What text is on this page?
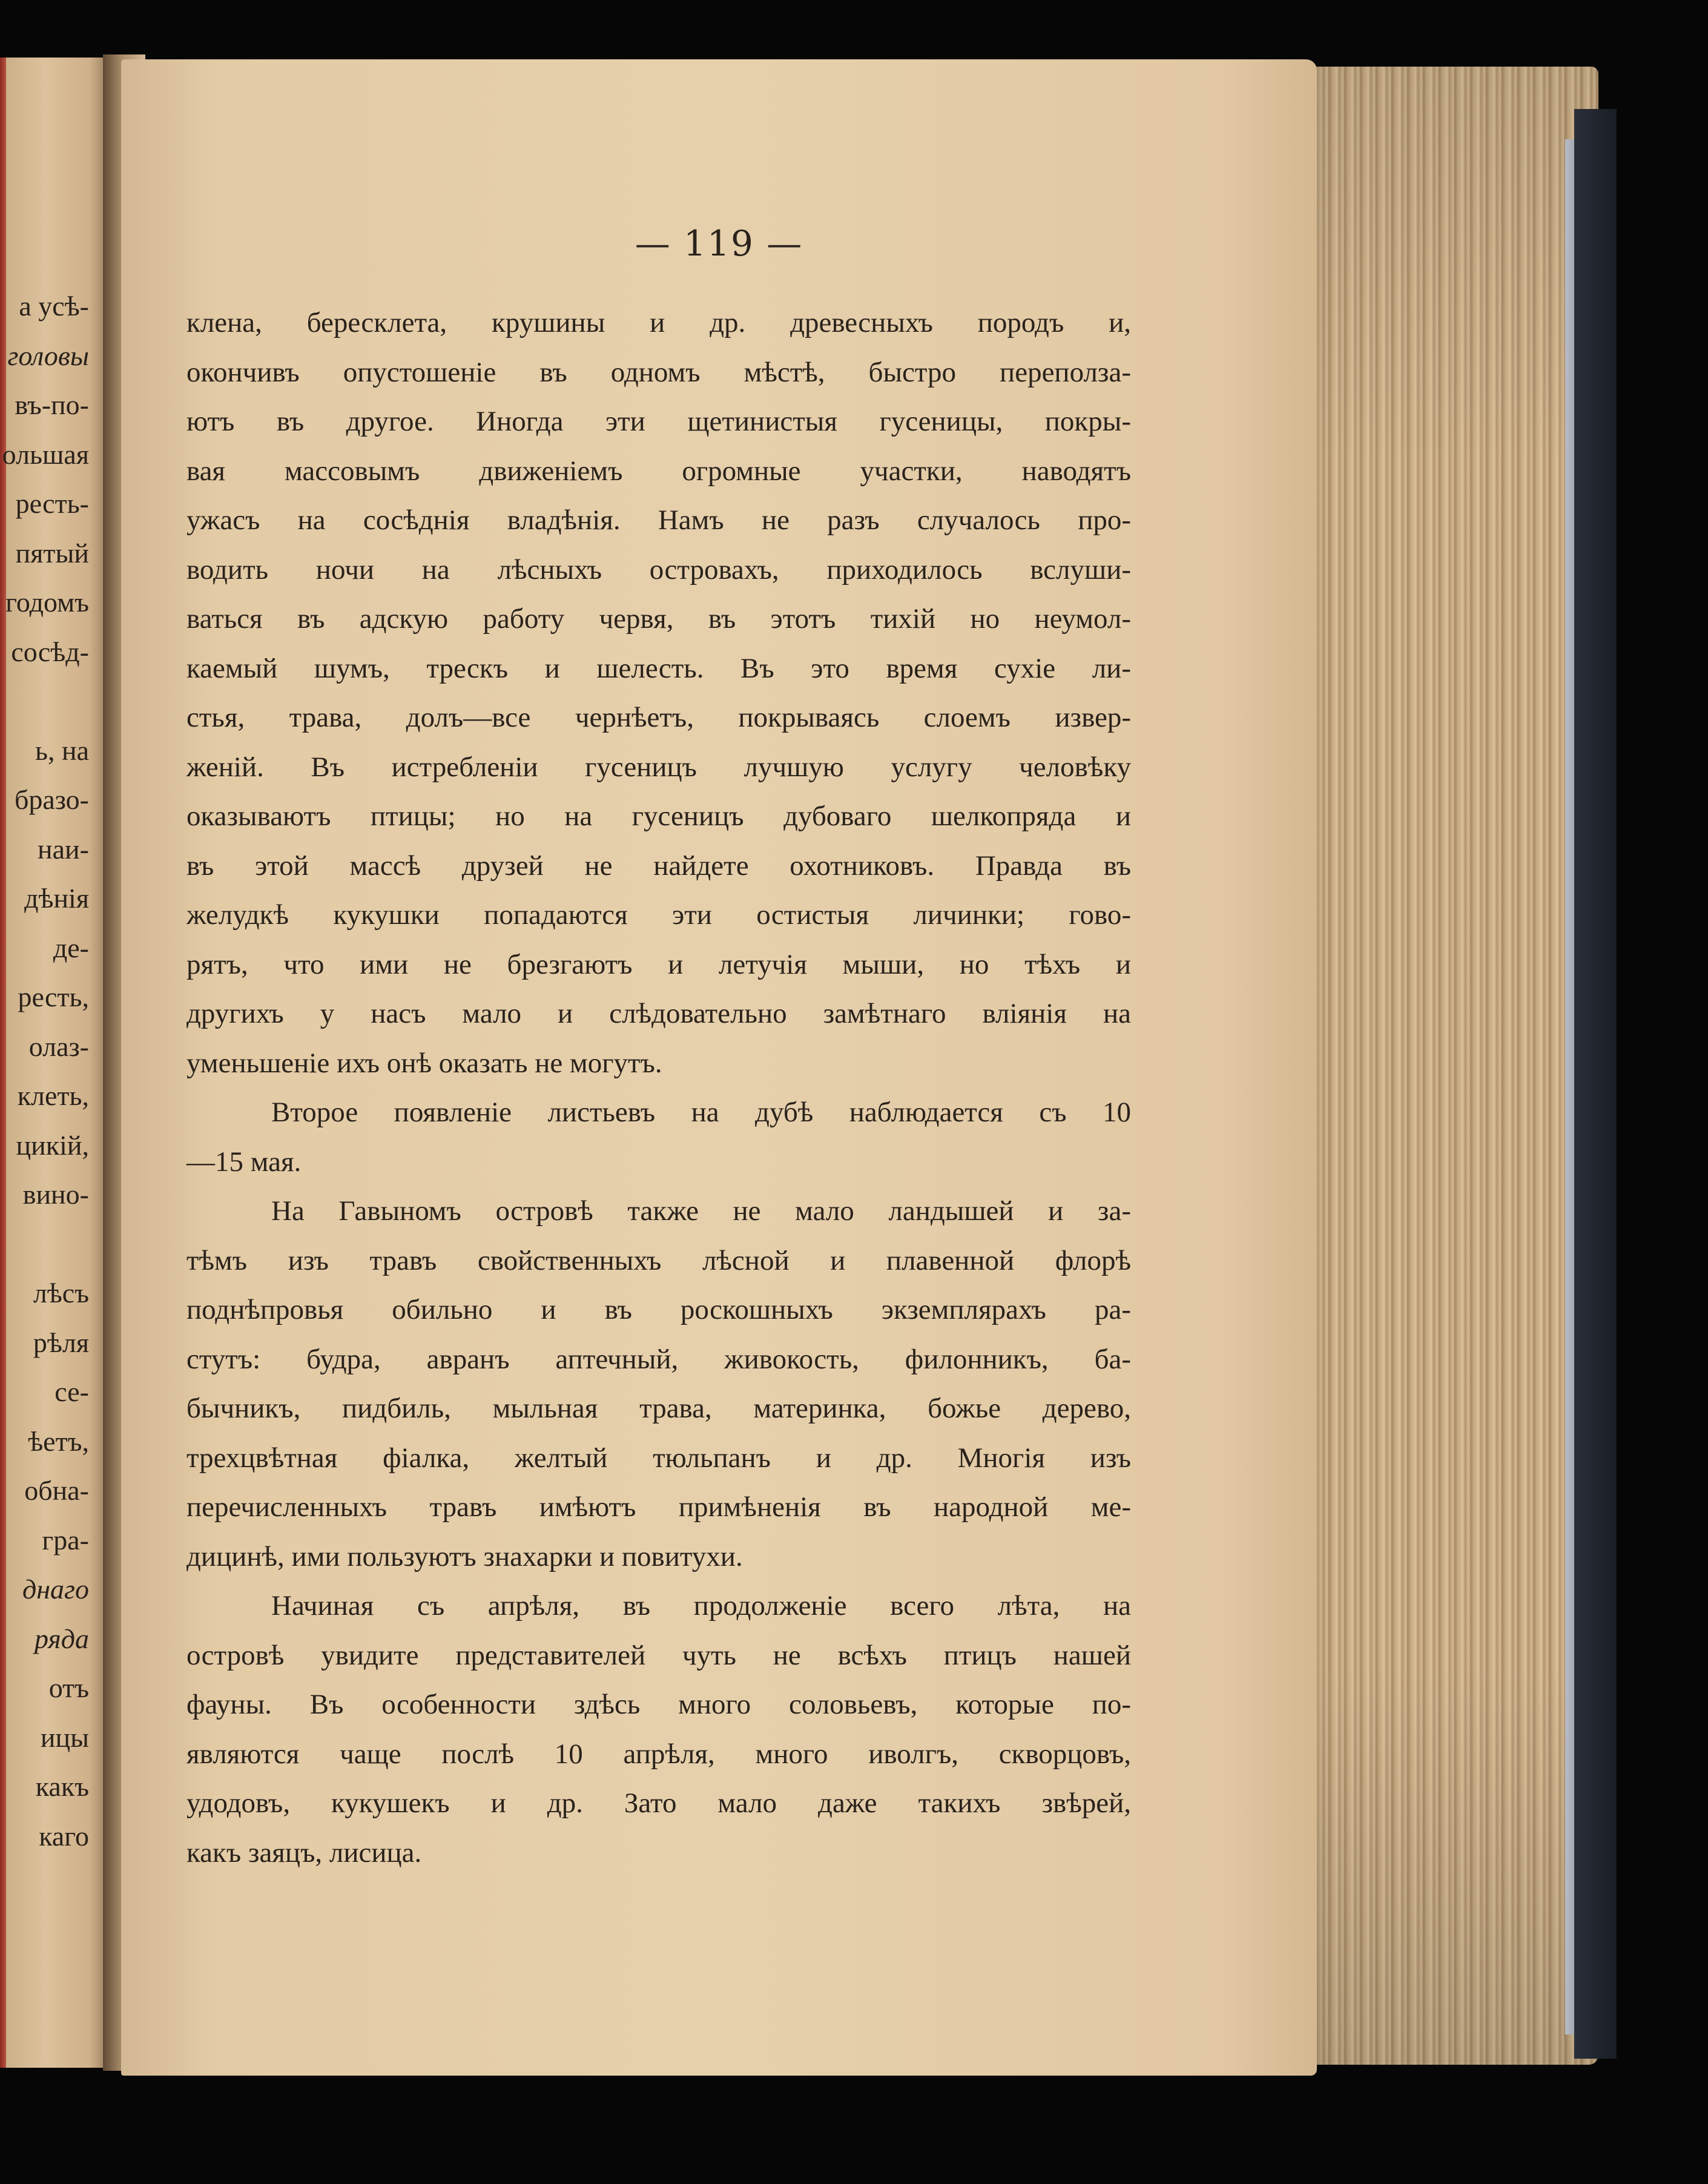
а усѣ-
головы
въ-по-
ольшая
ресть-
пятый
годомъ
сосѣд-
ь, на
бразо-
наи-
дѣнія
де-
ресть,
олаз-
клеть,
цикій,
вино-
лѣсъ
рѣля
се-
ѣетъ,
обна-
гра-
днаго
ряда
отъ
ицы
какъ
каго
— 119 —
клена, бересклета, крушины и др. древесныхъ породъ и,
окончивъ опустошеніе въ одномъ мѣстѣ, быстро переполза-
ютъ въ другое. Иногда эти щетинистыя гусеницы, покры-
вая массовымъ движеніемъ огромные участки, наводятъ
ужасъ на сосѣднія владѣнія. Намъ не разъ случалось про-
водить ночи на лѣсныхъ островахъ, приходилось вслуши-
ваться въ адскую работу червя, въ этотъ тихій но неумол-
каемый шумъ, трескъ и шелесть. Въ это время сухіе ли-
стья, трава, долъ—все чернѣетъ, покрываясь слоемъ извер-
женій. Въ истребленіи гусеницъ лучшую услугу человѣку
оказываютъ птицы; но на гусеницъ дубоваго шелкопряда и
въ этой массѣ друзей не найдете охотниковъ. Правда въ
желудкѣ кукушки попадаются эти остистыя личинки; гово-
рятъ, что ими не брезгаютъ и летучія мыши, но тѣхъ и
другихъ у насъ мало и слѣдовательно замѣтнаго вліянія на
уменьшеніе ихъ онѣ оказать не могутъ.
Второе появленіе листьевъ на дубѣ наблюдается съ 10
—15 мая.
На Гавыномъ островѣ также не мало ландышей и за-
тѣмъ изъ травъ свойственныхъ лѣсной и плавенной флорѣ
поднѣпровья обильно и въ роскошныхъ экземплярахъ ра-
стутъ: будра, авранъ аптечный, живокость, филонникъ, ба-
бычникъ, пидбиль, мыльная трава, материнка, божье дерево,
трехцвѣтная фіалка, желтый тюльпанъ и др. Многія изъ
перечисленныхъ травъ имѣютъ примѣненія въ народной ме-
дицинѣ, ими пользуютъ знахарки и повитухи.
Начиная съ апрѣля, въ продолженіе всего лѣта, на
островѣ увидите представителей чуть не всѣхъ птицъ нашей
фауны. Въ особенности здѣсь много соловьевъ, которые по-
являются чаще послѣ 10 апрѣля, много иволгъ, скворцовъ,
удодовъ, кукушекъ и др. Зато мало даже такихъ звѣрей,
какъ заяцъ, лисица.
